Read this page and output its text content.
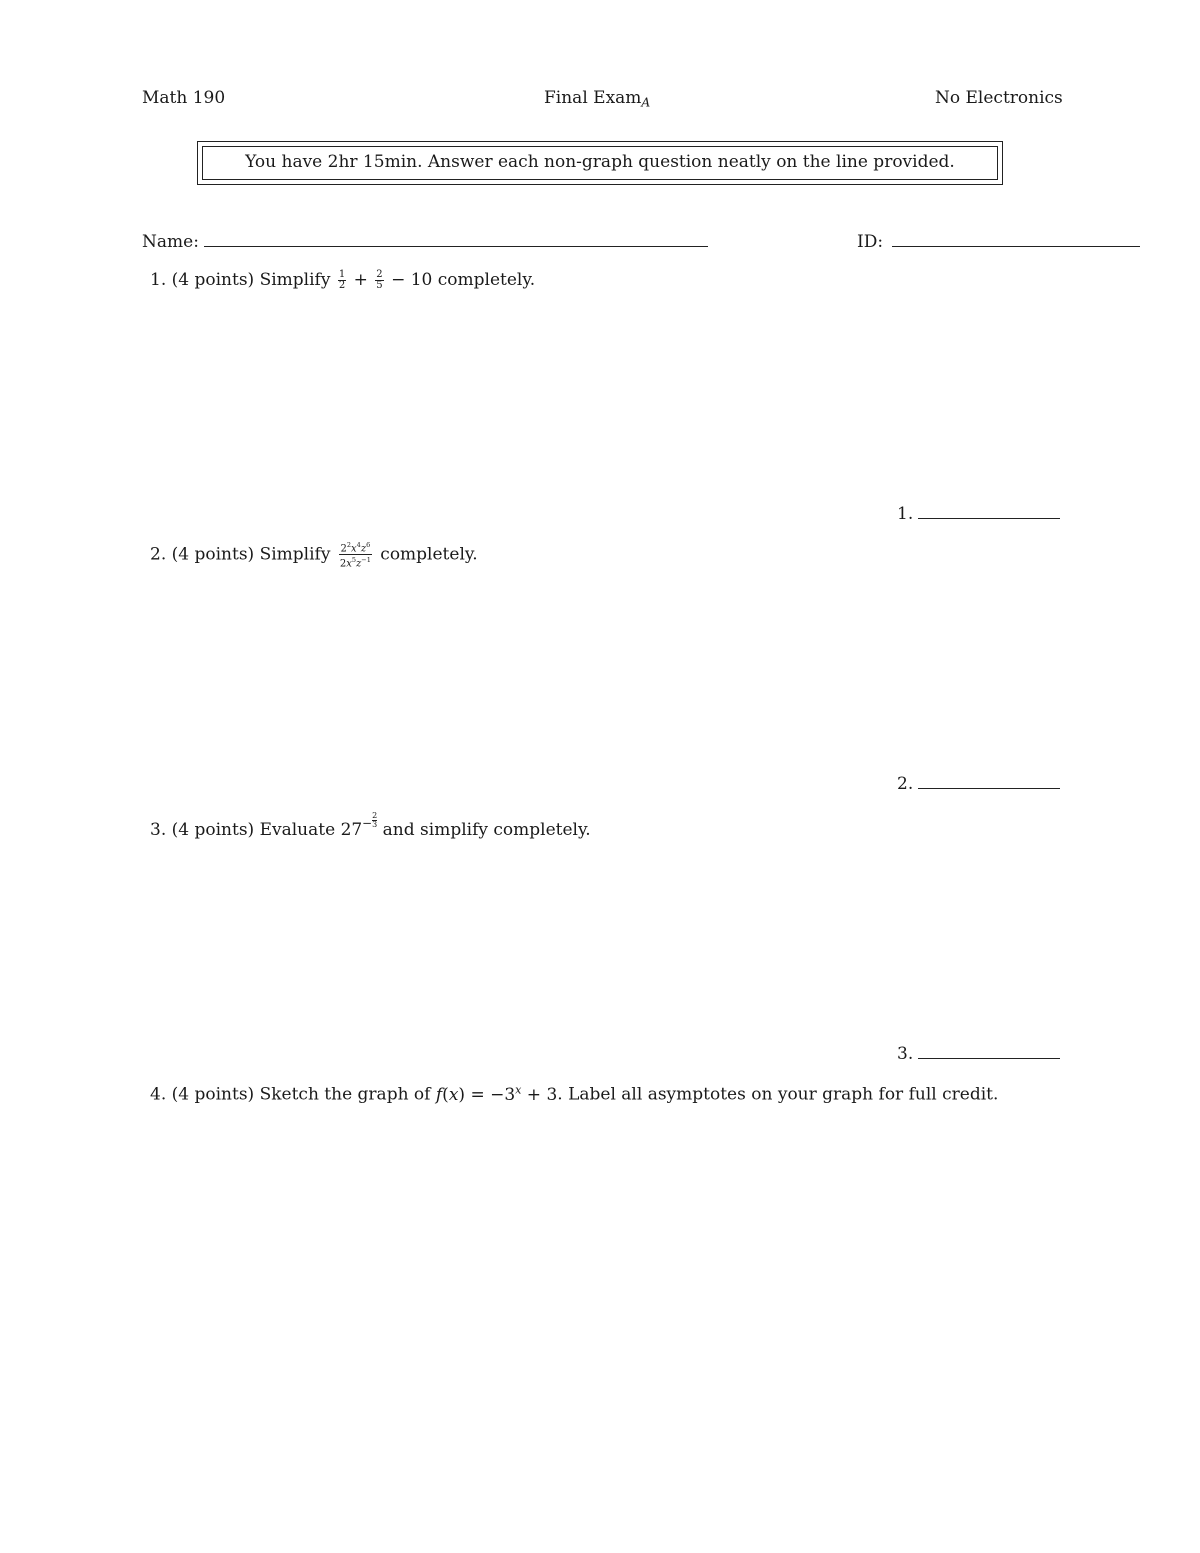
Math 190	Final Exam$_A$	No Electronics
You have 2hr 15min. Answer each non-graph question neatly on the line provided.
Name:	ID:
1. (4 points) Simplify $\frac{1}{2} + \frac{2}{5} - 10$ completely.
1.
2. (4 points) Simplify $\frac{2^2x^4z^6}{2x^5z^{-1}}$ completely.
2.
3. (4 points) Evaluate $27^- \frac{2}{3}$ and simplify completely.
3.
4. (4 points) Sketch the graph of $f(x) = -3^x + 3$. Label all asymptotes on your graph for full credit.
